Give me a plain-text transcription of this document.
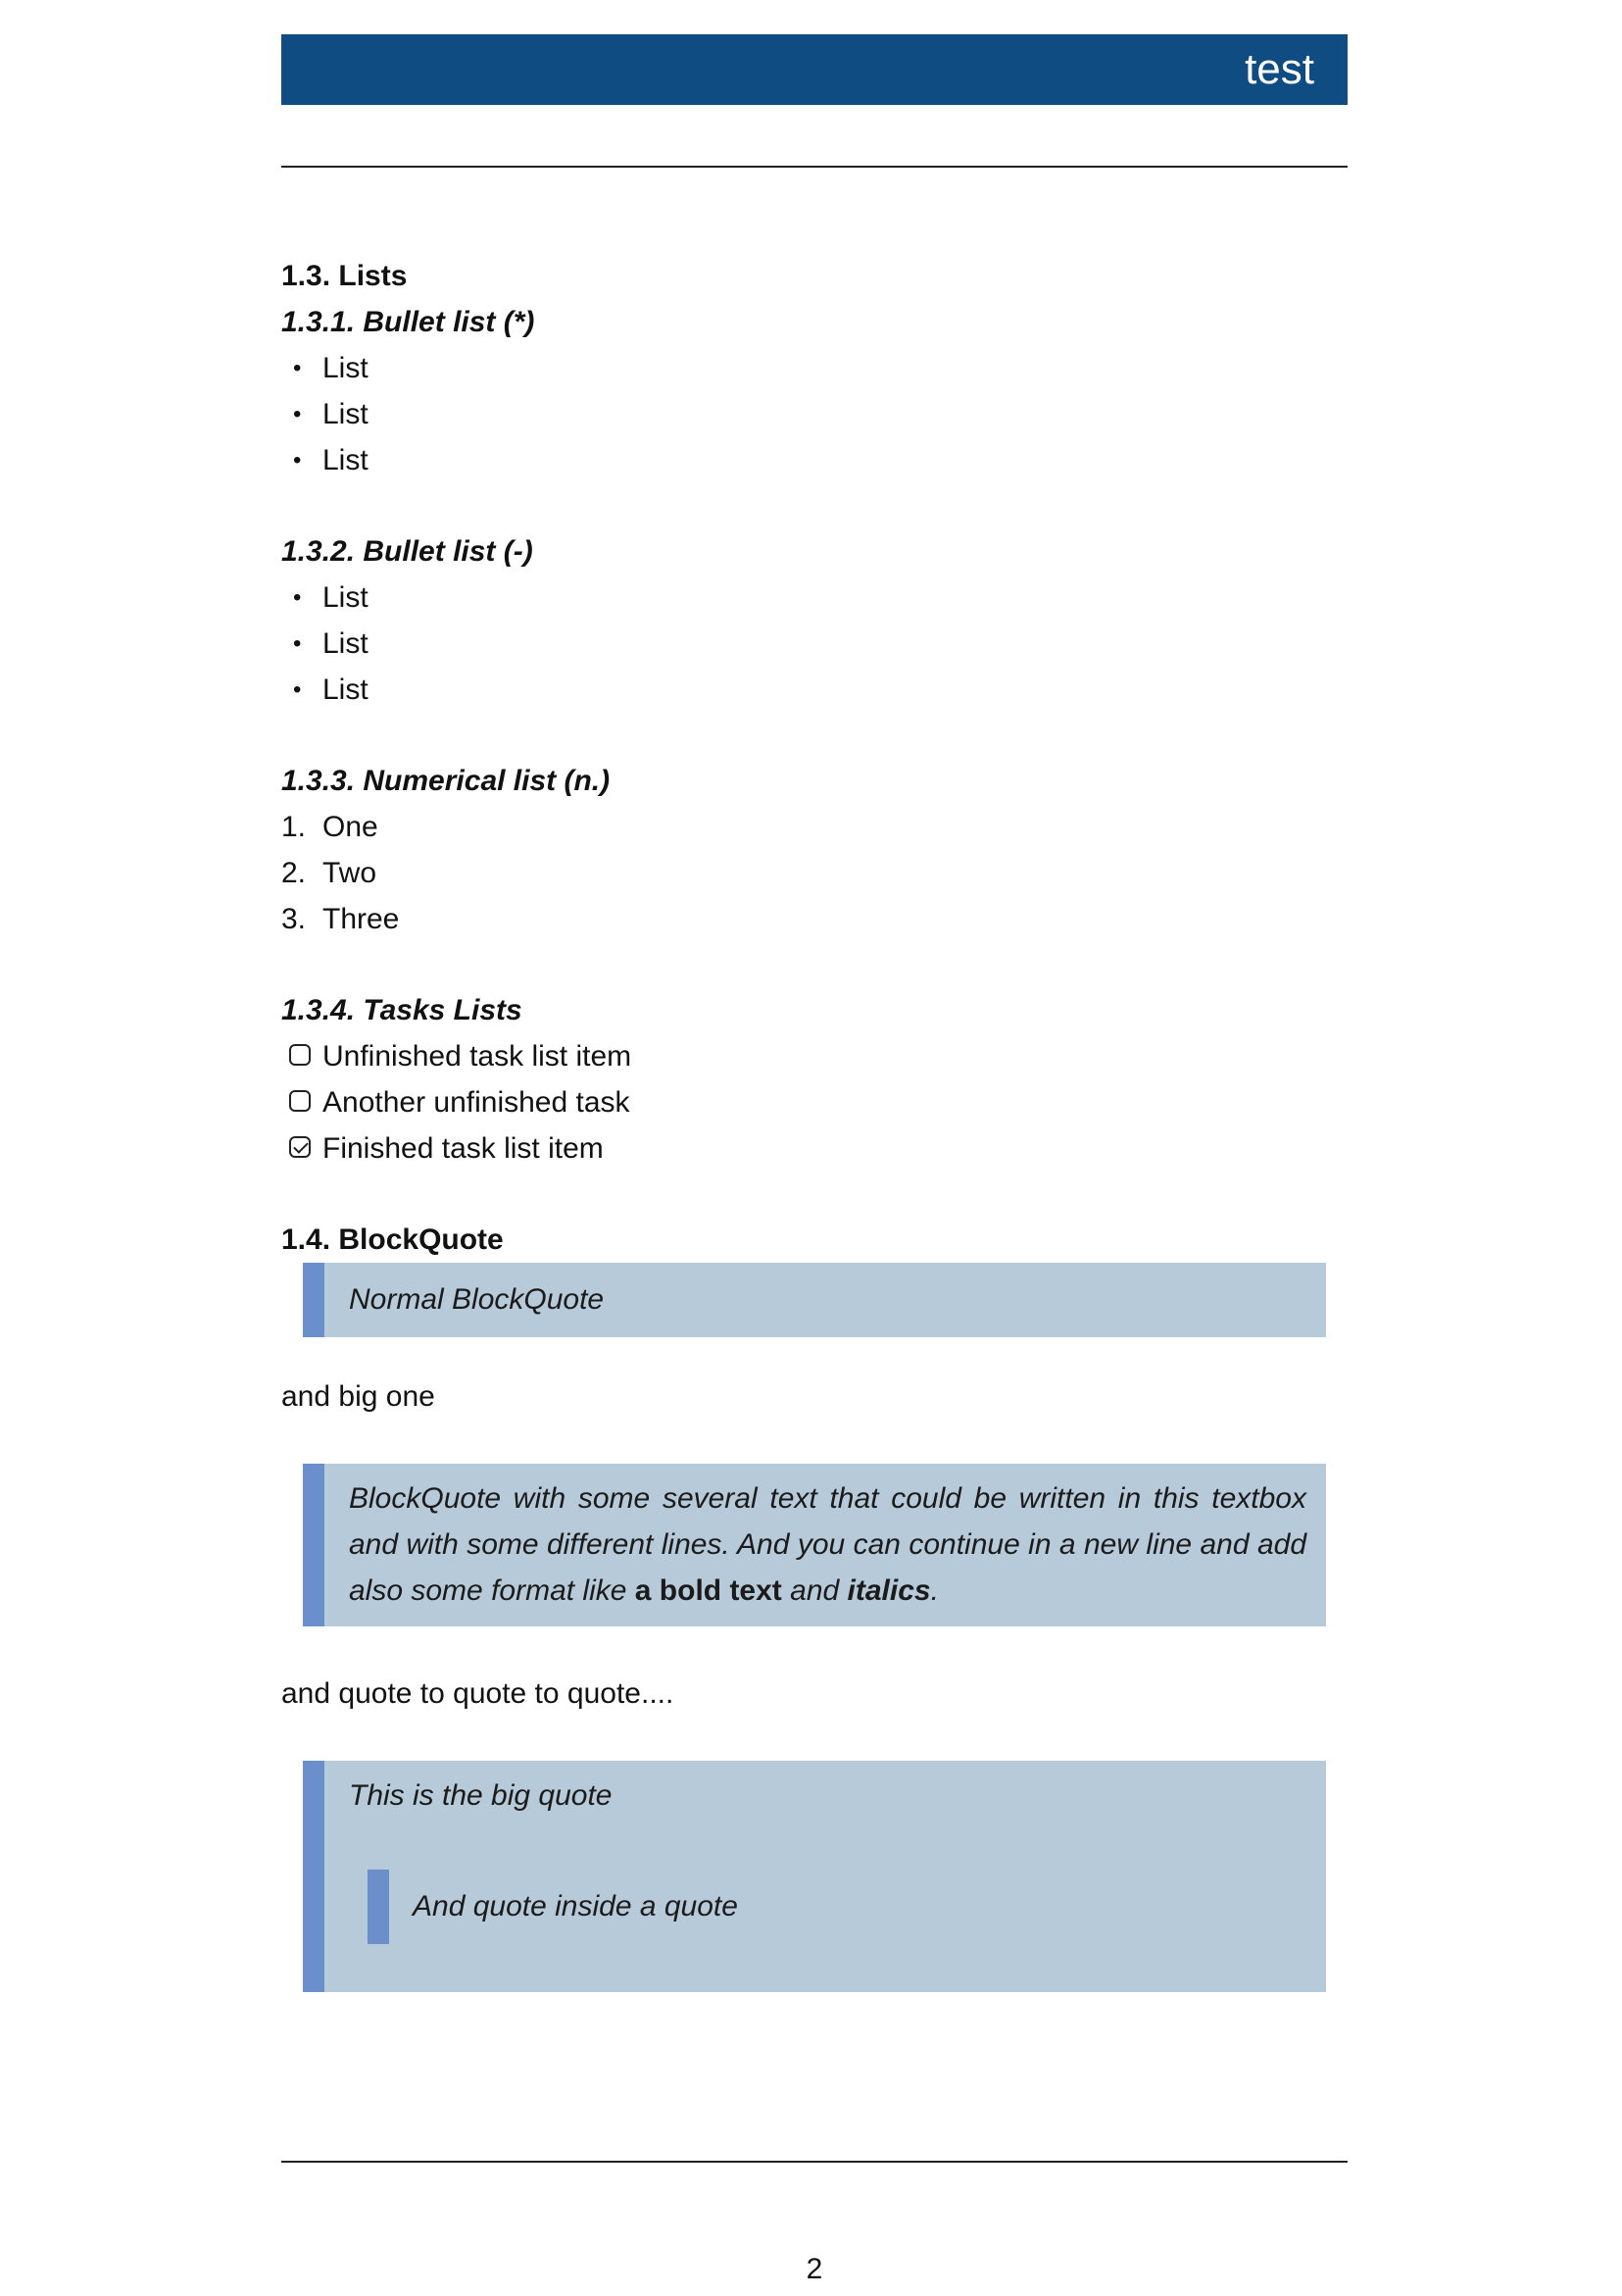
test
1.3. Lists
1.3.1. Bullet list (*)
• List
• List
• List
1.3.2. Bullet list (-)
• List
• List
• List
1.3.3. Numerical list (n.)
1. One
2. Two
3. Three
1.3.4. Tasks Lists
Unfinished task list item
Another unfinished task
Finished task list item
1.4. BlockQuote
Normal BlockQuote
and big one
BlockQuote with some several text that could be written in this textbox and with some different lines. And you can continue in a new line and add also some format like a bold text and italics.
and quote to quote to quote....
This is the big quote
And quote inside a quote
2
